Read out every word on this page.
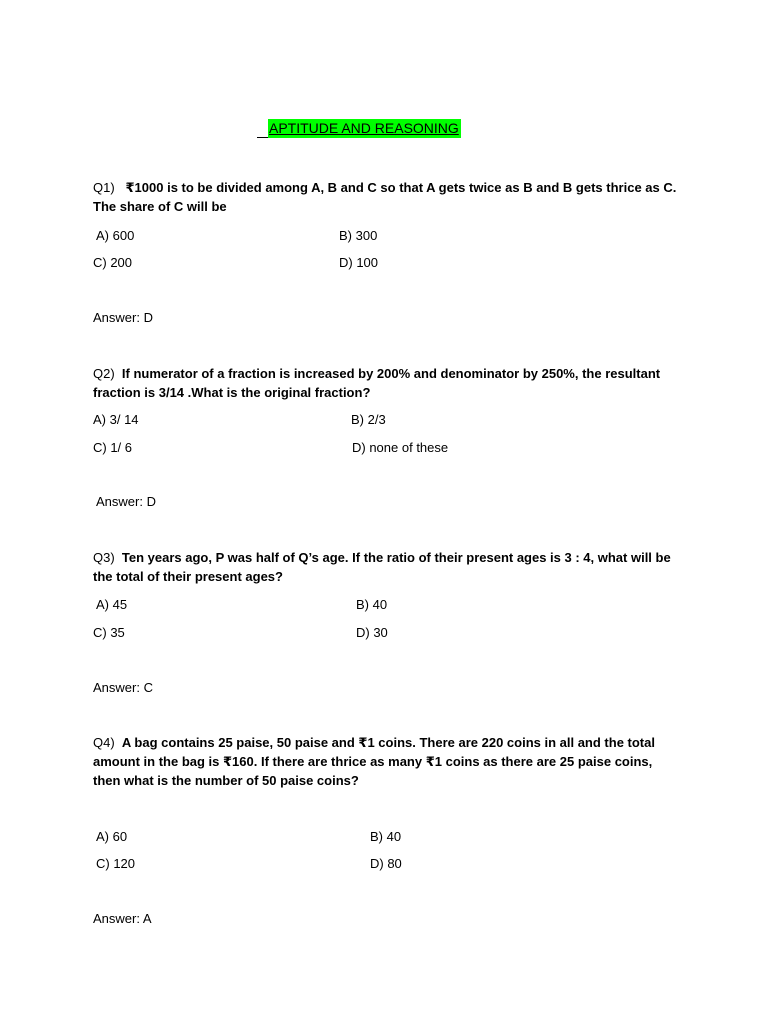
APTITUDE AND REASONING
Q1) ₹1000 is to be divided among A, B and C so that A gets twice as B and B gets thrice as C. The share of C will be
A) 600	B) 300
C) 200	D) 100
Answer: D
Q2) If numerator of a fraction is increased by 200% and denominator by 250%, the resultant fraction is 3/14 .What is the original fraction?
A) 3/ 14	B) 2/3
C) 1/ 6	D) none of these
Answer: D
Q3) Ten years ago, P was half of Q’s age. If the ratio of their present ages is 3 : 4, what will be the total of their present ages?
A) 45	B) 40
C) 35	D) 30
Answer: C
Q4) A bag contains 25 paise, 50 paise and ₹1 coins. There are 220 coins in all and the total amount in the bag is ₹160. If there are thrice as many ₹1 coins as there are 25 paise coins, then what is the number of 50 paise coins?
A) 60	B) 40
C) 120	D) 80
Answer: A
